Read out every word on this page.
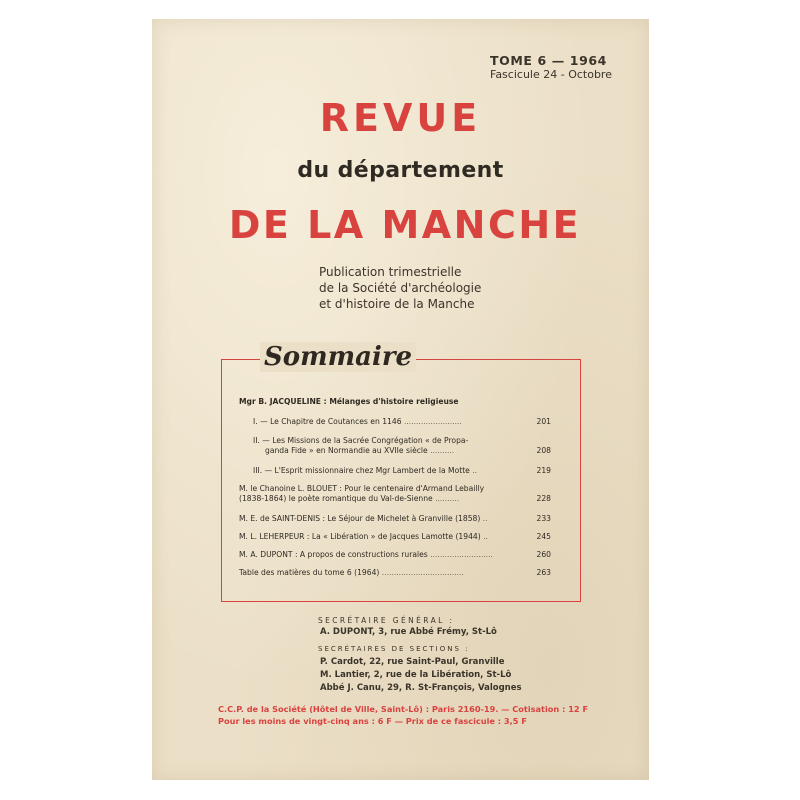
TOME 6 — 1964
Fascicule 24 - Octobre
REVUE
du département
DE LA MANCHE
Publication trimestrielle
de la Société d'archéologie
et d'histoire de la Manche
Sommaire
Mgr B. JACQUELINE : Mélanges d'histoire religieuse
I. — Le Chapitre de Coutances en 1146 ........................	201
II. — Les Missions de la Sacrée Congrégation « de Propa-
ganda Fide » en Normandie au XVIIe siècle ..........	208
III. — L'Esprit missionnaire chez Mgr Lambert de la Motte ..	219
M. le Chanoine L. BLOUET : Pour le centenaire d'Armand Lebailly
(1838-1864) le poète romantique du Val-de-Sienne ..........	228
M. E. de SAINT-DENIS : Le Séjour de Michelet à Granville (1858) ..	233
M. L. LEHERPEUR : La « Libération » de Jacques Lamotte (1944) ..	245
M. A. DUPONT : A propos de constructions rurales ..........................	260
Table des matières du tome 6 (1964) ..................................	263
SECRÉTAIRE GÉNÉRAL :
A. DUPONT, 3, rue Abbé Frémy, St-Lô
SECRÉTAIRES DE SECTIONS :
P. Cardot, 22, rue Saint-Paul, Granville
M. Lantier, 2, rue de la Libération, St-Lô
Abbé J. Canu, 29, R. St-François, Valognes
C.C.P. de la Société (Hôtel de Ville, Saint-Lô) : Paris 2160-19. — Cotisation : 12 F
Pour les moins de vingt-cinq ans : 6 F — Prix de ce fascicule : 3,5 F
